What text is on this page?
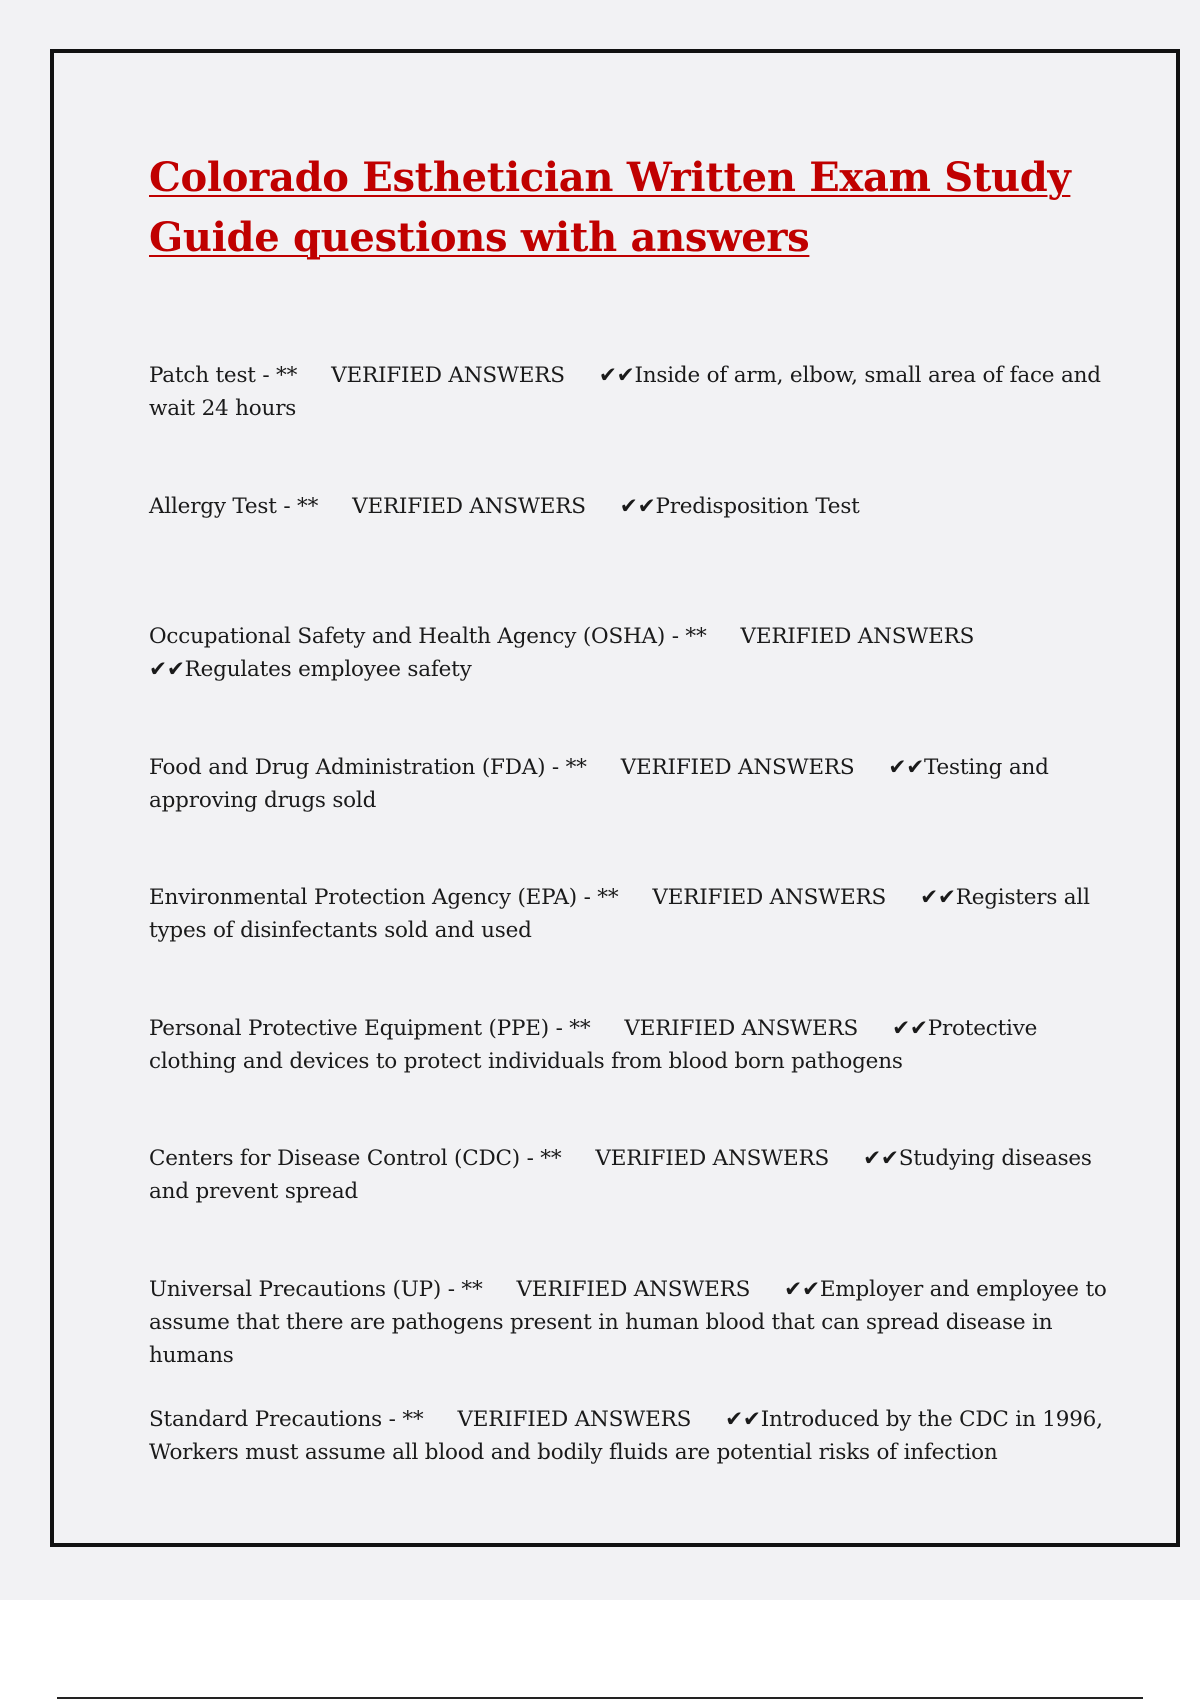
Colorado Esthetician Written Exam Study Guide questions with answers
Patch test - ** VERIFIED ANSWERS ✔✔Inside of arm, elbow, small area of face and wait 24 hours
Allergy Test - ** VERIFIED ANSWERS ✔✔Predisposition Test
Occupational Safety and Health Agency (OSHA) - ** VERIFIED ANSWERS
✔✔Regulates employee safety
Food and Drug Administration (FDA) - ** VERIFIED ANSWERS ✔✔Testing and approving drugs sold
Environmental Protection Agency (EPA) - ** VERIFIED ANSWERS ✔✔Registers all types of disinfectants sold and used
Personal Protective Equipment (PPE) - ** VERIFIED ANSWERS ✔✔Protective clothing and devices to protect individuals from blood born pathogens
Centers for Disease Control (CDC) - ** VERIFIED ANSWERS ✔✔Studying diseases and prevent spread
Universal Precautions (UP) - ** VERIFIED ANSWERS ✔✔Employer and employee to assume that there are pathogens present in human blood that can spread disease in humans
Standard Precautions - ** VERIFIED ANSWERS ✔✔Introduced by the CDC in 1996, Workers must assume all blood and bodily fluids are potential risks of infection
